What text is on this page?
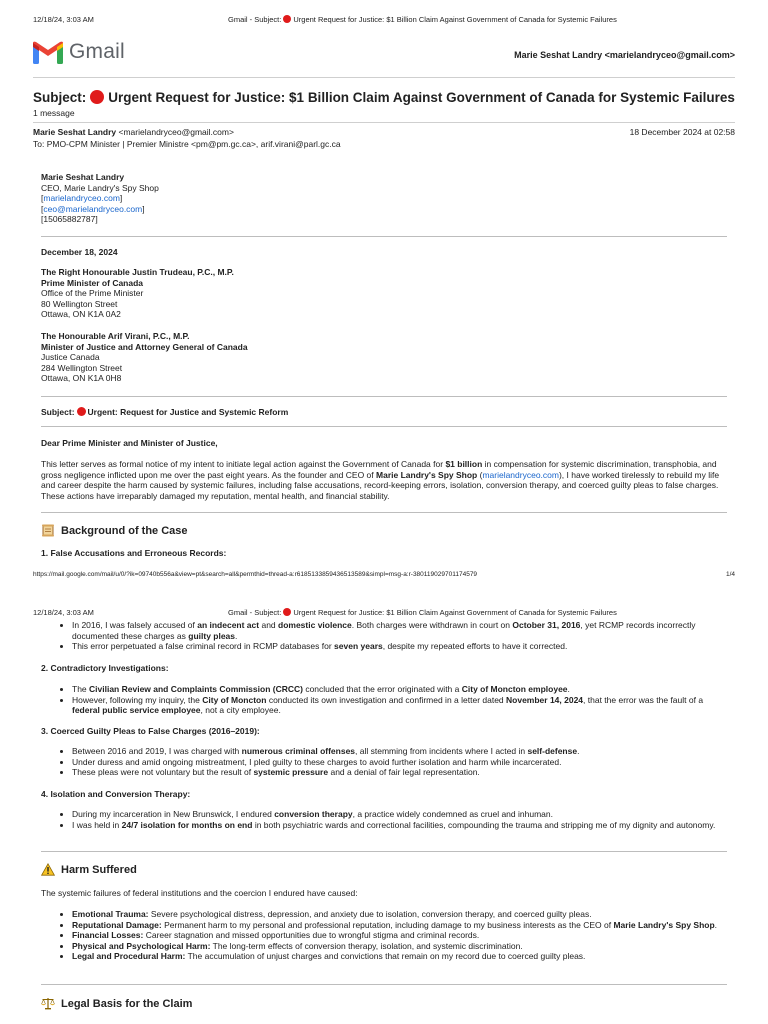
12/18/24, 3:03 AM	Gmail - Subject: Urgent Request for Justice: $1 Billion Claim Against Government of Canada for Systemic Failures
Gmail	Marie Seshat Landry <marielandryceo@gmail.com>
Subject: Urgent Request for Justice: $1 Billion Claim Against Government of Canada for Systemic Failures
1 message
Marie Seshat Landry <marielandryceo@gmail.com>	18 December 2024 at 02:58
To: PMO-CPM Minister | Premier Ministre <pm@pm.gc.ca>, arif.virani@parl.gc.ca
Marie Seshat Landry
CEO, Marie Landry's Spy Shop
[marielandryceo.com]
[ceo@marielandryceo.com]
[15065882787]
December 18, 2024
The Right Honourable Justin Trudeau, P.C., M.P.
Prime Minister of Canada
Office of the Prime Minister
80 Wellington Street
Ottawa, ON K1A 0A2
The Honourable Arif Virani, P.C., M.P.
Minister of Justice and Attorney General of Canada
Justice Canada
284 Wellington Street
Ottawa, ON K1A 0H8
Subject: Urgent: Request for Justice and Systemic Reform
Dear Prime Minister and Minister of Justice,
This letter serves as formal notice of my intent to initiate legal action against the Government of Canada for $1 billion in compensation for systemic discrimination, transphobia, and gross negligence inflicted upon me over the past eight years. As the founder and CEO of Marie Landry's Spy Shop (marielandryceo.com), I have worked tirelessly to rebuild my life and career despite the harm caused by systemic failures, including false accusations, record-keeping errors, isolation, conversion therapy, and coerced guilty pleas to false charges. These actions have irreparably damaged my reputation, mental health, and financial stability.
Background of the Case
1. False Accusations and Erroneous Records:
https://mail.google.com/mail/u/0/?ik=09740b556a&view=pt&search=all&permthid=thread-a:r6185133859436513589&simpl=msg-a:r-380119029701174579	1/4
12/18/24, 3:03 AM	Gmail - Subject: Urgent Request for Justice: $1 Billion Claim Against Government of Canada for Systemic Failures
• In 2016, I was falsely accused of an indecent act and domestic violence. Both charges were withdrawn in court on October 31, 2016, yet RCMP records incorrectly documented these charges as guilty pleas.
• This error perpetuated a false criminal record in RCMP databases for seven years, despite my repeated efforts to have it corrected.
2. Contradictory Investigations:
• The Civilian Review and Complaints Commission (CRCC) concluded that the error originated with a City of Moncton employee.
• However, following my inquiry, the City of Moncton conducted its own investigation and confirmed in a letter dated November 14, 2024, that the error was the fault of a federal public service employee, not a city employee.
3. Coerced Guilty Pleas to False Charges (2016–2019):
• Between 2016 and 2019, I was charged with numerous criminal offenses, all stemming from incidents where I acted in self-defense.
• Under duress and amid ongoing mistreatment, I pled guilty to these charges to avoid further isolation and harm while incarcerated.
• These pleas were not voluntary but the result of systemic pressure and a denial of fair legal representation.
4. Isolation and Conversion Therapy:
• During my incarceration in New Brunswick, I endured conversion therapy, a practice widely condemned as cruel and inhuman.
• I was held in 24/7 isolation for months on end in both psychiatric wards and correctional facilities, compounding the trauma and stripping me of my dignity and autonomy.
Harm Suffered
The systemic failures of federal institutions and the coercion I endured have caused:
• Emotional Trauma: Severe psychological distress, depression, and anxiety due to isolation, conversion therapy, and coerced guilty pleas.
• Reputational Damage: Permanent harm to my personal and professional reputation, including damage to my business interests as the CEO of Marie Landry's Spy Shop.
• Financial Losses: Career stagnation and missed opportunities due to wrongful stigma and criminal records.
• Physical and Psychological Harm: The long-term effects of conversion therapy, isolation, and systemic discrimination.
• Legal and Procedural Harm: The accumulation of unjust charges and convictions that remain on my record due to coerced guilty pleas.
Legal Basis for the Claim
